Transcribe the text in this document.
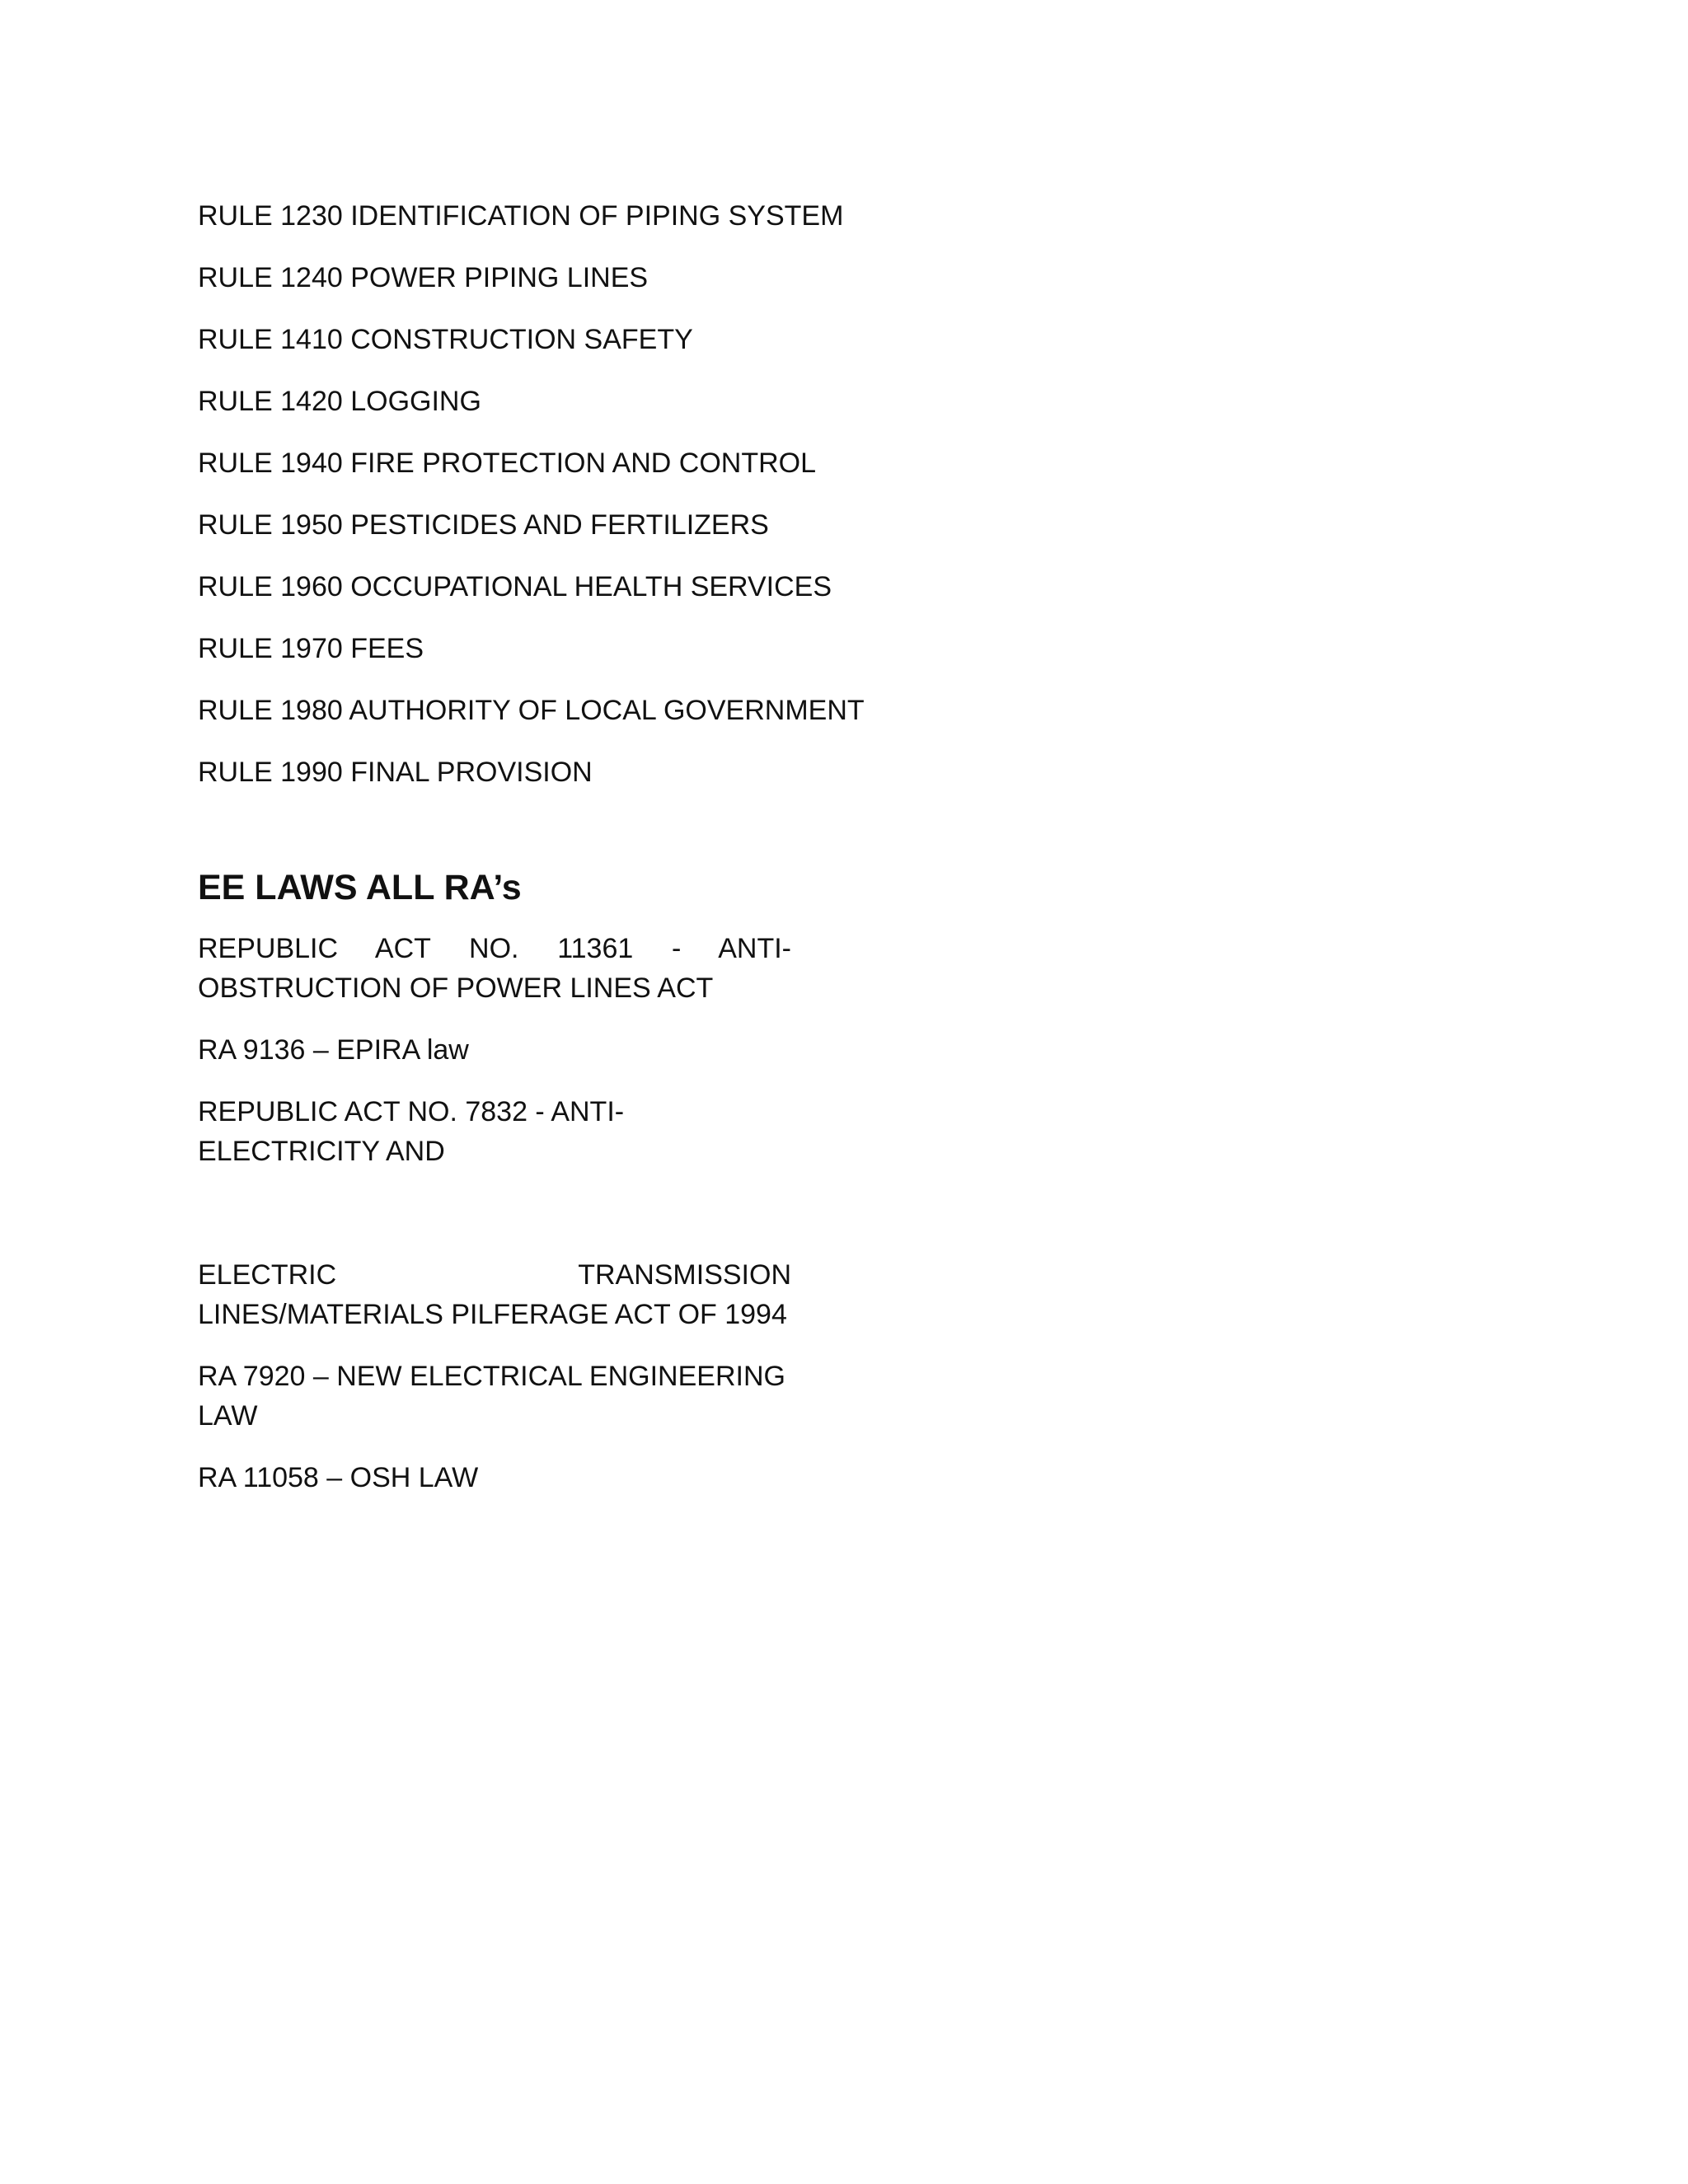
RULE 1230 IDENTIFICATION OF PIPING SYSTEM
RULE 1240 POWER PIPING LINES
RULE 1410 CONSTRUCTION SAFETY
RULE 1420 LOGGING
RULE 1940 FIRE PROTECTION AND CONTROL
RULE 1950 PESTICIDES AND FERTILIZERS
RULE 1960 OCCUPATIONAL HEALTH SERVICES
RULE 1970 FEES
RULE 1980 AUTHORITY OF LOCAL GOVERNMENT
RULE 1990 FINAL PROVISION
EE LAWS ALL RA’s
REPUBLIC ACT NO. 11361 - ANTI-OBSTRUCTION OF POWER LINES ACT
RA 9136 – EPIRA law
REPUBLIC ACT NO. 7832 - ANTI-ELECTRICITY AND
ELECTRIC TRANSMISSION LINES/MATERIALS PILFERAGE ACT OF 1994
RA 7920 – NEW ELECTRICAL ENGINEERING LAW
RA 11058 – OSH LAW
